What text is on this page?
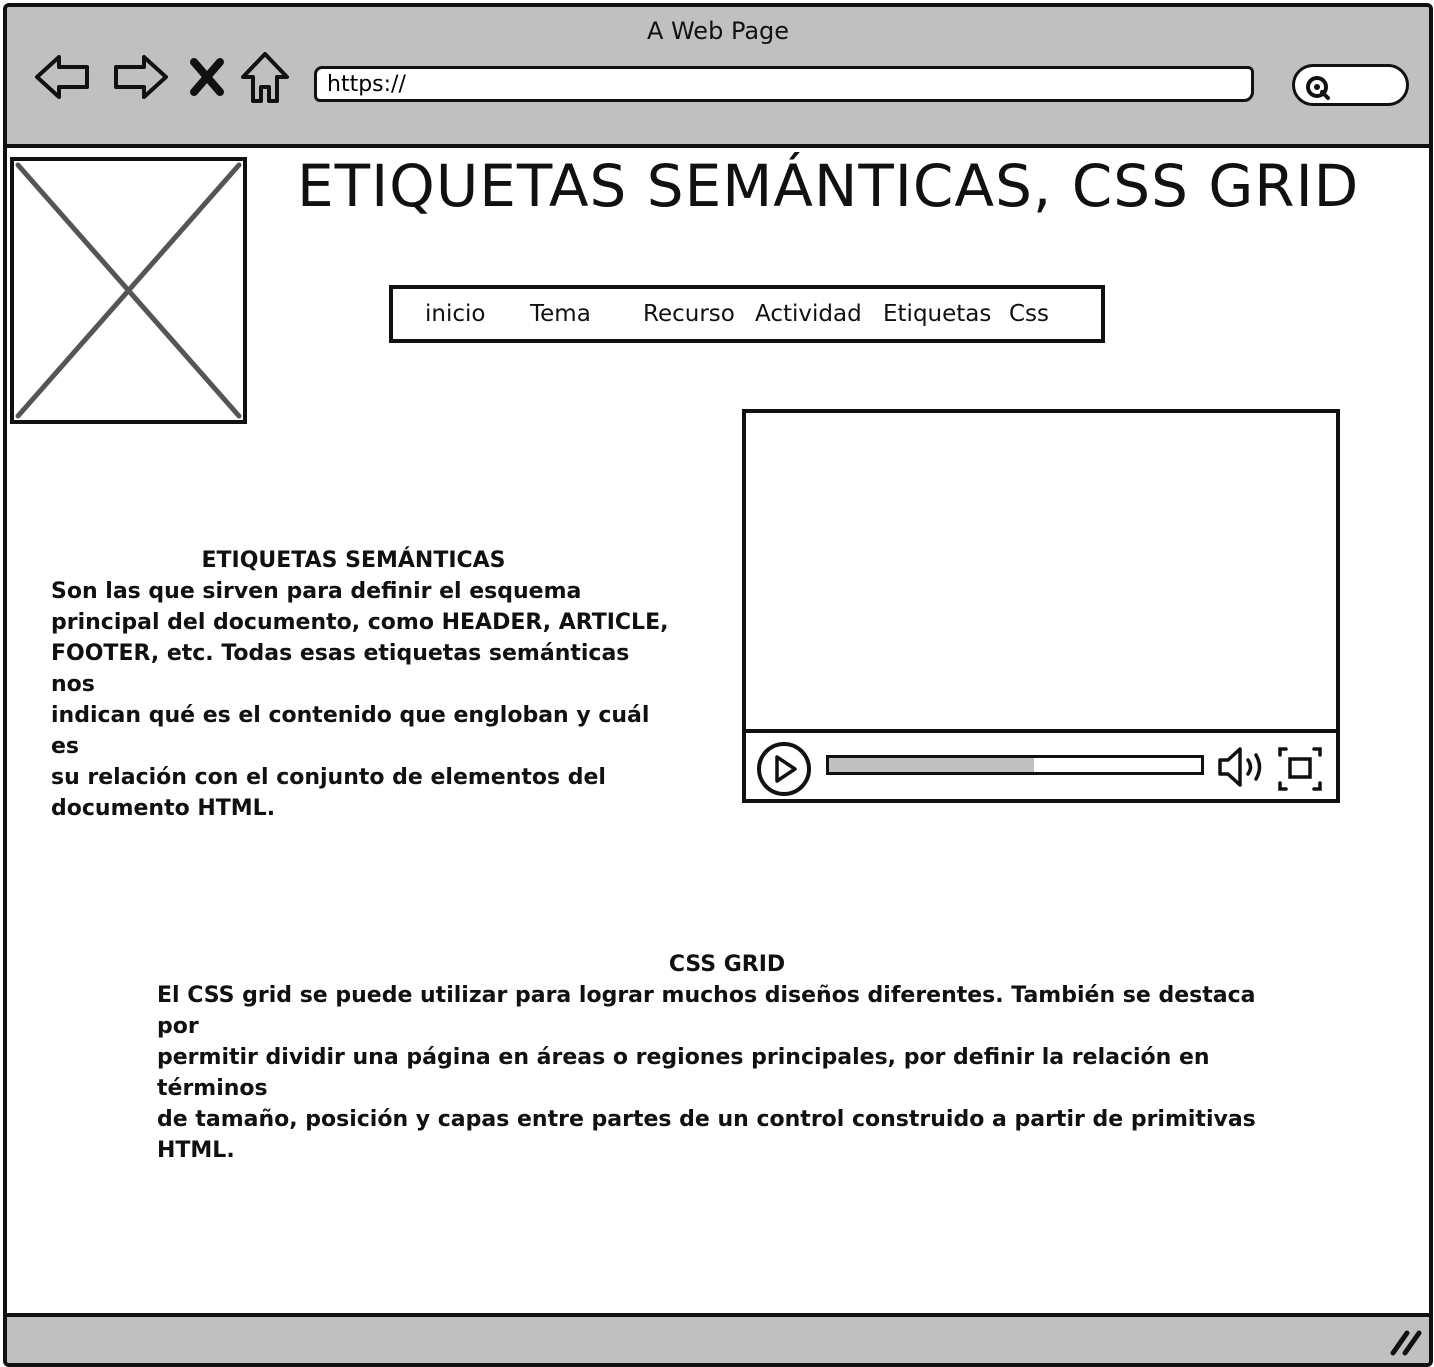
A Web Page
https://
ETIQUETAS SEMÁNTICAS, CSS GRID
inicio Tema Recurso Actividad Etiquetas Css
ETIQUETAS SEMÁNTICAS
Son las que sirven para definir el esquema
principal del documento, como HEADER, ARTICLE,
FOOTER, etc. Todas esas etiquetas semánticas nos
indican qué es el contenido que engloban y cuál es
su relación con el conjunto de elementos del
documento HTML.
CSS GRID
El CSS grid se puede utilizar para lograr muchos diseños diferentes. También se destaca por
permitir dividir una página en áreas o regiones principales, por definir la relación en términos
de tamaño, posición y capas entre partes de un control construido a partir de primitivas HTML.
